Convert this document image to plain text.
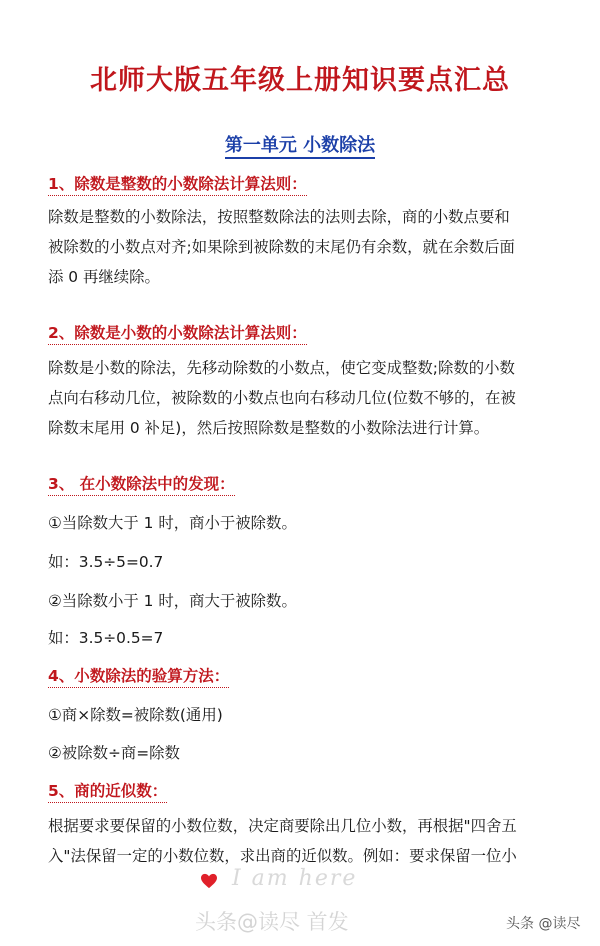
北师大版五年级上册知识要点汇总
第一单元 小数除法
1、除数是整数的小数除法计算法则：

除数是整数的小数除法，按照整数除法的法则去除，商的小数点要和
被除数的小数点对齐;如果除到被除数的末尾仍有余数，就在余数后面
添 0 再继续除。

2、除数是小数的小数除法计算法则：

除数是小数的除法，先移动除数的小数点，使它变成整数;除数的小数
点向右移动几位，被除数的小数点也向右移动几位(位数不够的，在被
除数末尾用 0 补足)，然后按照除数是整数的小数除法进行计算。

3、 在小数除法中的发现：

①当除数大于 1 时，商小于被除数。

如：3.5÷5=0.7

②当除数小于 1 时，商大于被除数。

如：3.5÷0.5=7

4、小数除法的验算方法：

①商×除数=被除数(通用)

②被除数÷商=除数

5、商的近似数：

根据要求要保留的小数位数，决定商要除出几位小数，再根据"四舍五
入"法保留一定的小数位数，求出商的近似数。例如：要求保留一位小

I am here
头条@读尽 首发	头条 @读尽
